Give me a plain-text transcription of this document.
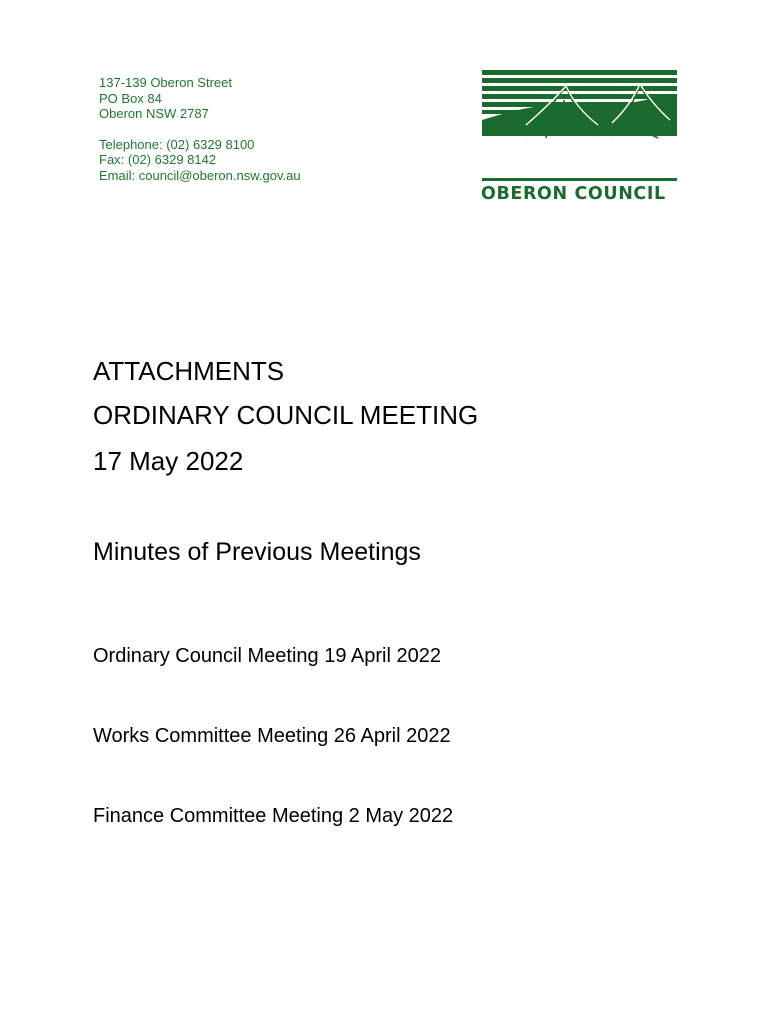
137-139 Oberon Street
PO Box 84
Oberon NSW 2787
Telephone: (02) 6329 8100
Fax: (02) 6329 8142
Email: council@oberon.nsw.gov.au
OBERON COUNCIL
ATTACHMENTS
ORDINARY COUNCIL MEETING
17 May 2022
Minutes of Previous Meetings
Ordinary Council Meeting 19 April 2022
Works Committee Meeting 26 April 2022
Finance Committee Meeting 2 May 2022
